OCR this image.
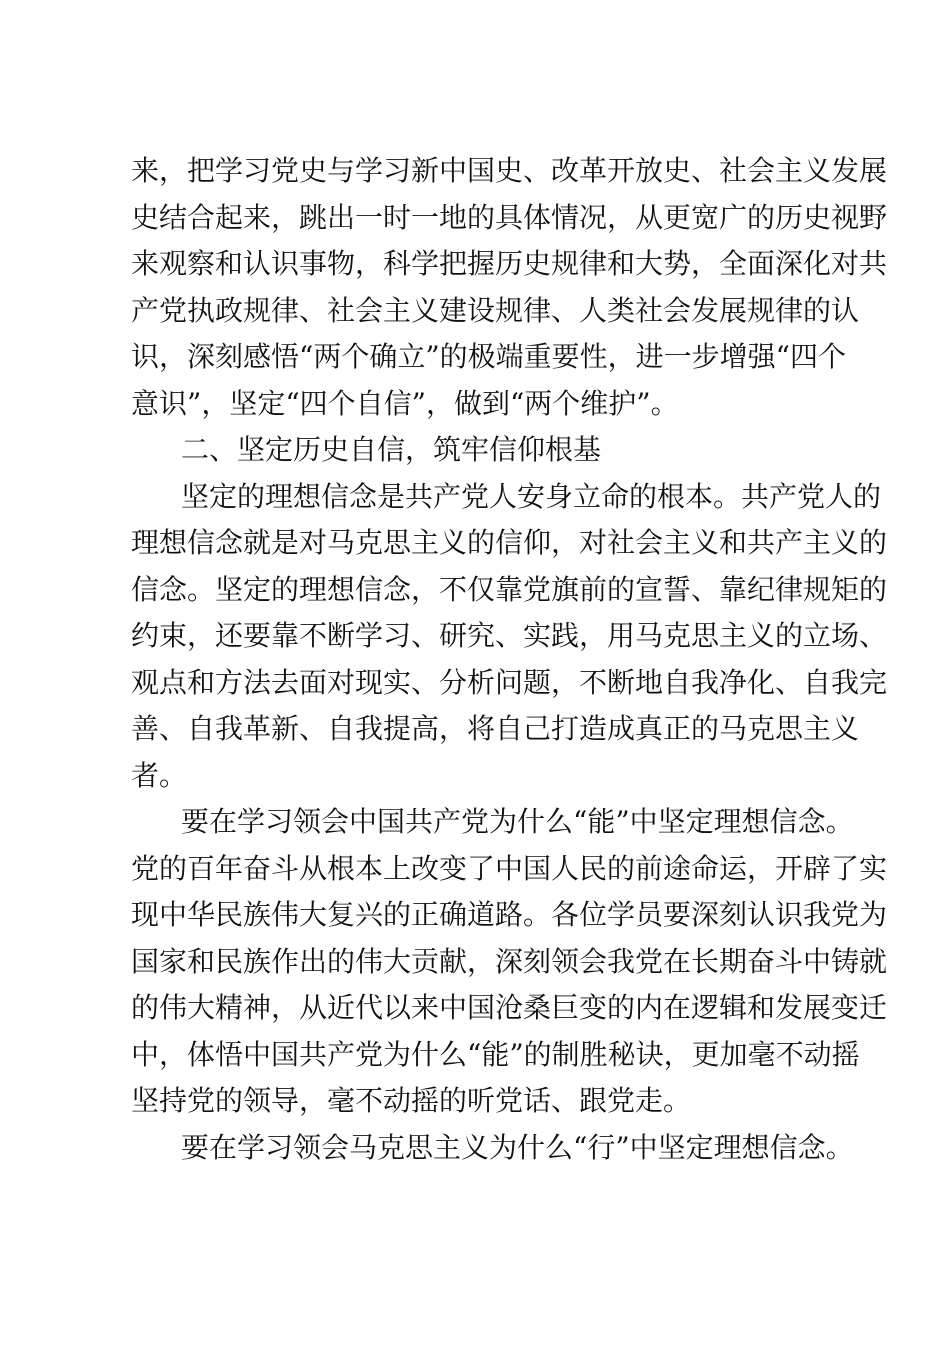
来，把学习党史与学习新中国史、改革开放史、社会主义发展
史结合起来，跳出一时一地的具体情况，从更宽广的历史视野
来观察和认识事物，科学把握历史规律和大势，全面深化对共
产党执政规律、社会主义建设规律、人类社会发展规律的认
识，深刻感悟“两个确立”的极端重要性，进一步增强“四个
意识”，坚定“四个自信”，做到“两个维护”。
二、坚定历史自信，筑牢信仰根基
坚定的理想信念是共产党人安身立命的根本。共产党人的
理想信念就是对马克思主义的信仰，对社会主义和共产主义的
信念。坚定的理想信念，不仅靠党旗前的宣誓、靠纪律规矩的
约束，还要靠不断学习、研究、实践，用马克思主义的立场、
观点和方法去面对现实、分析问题，不断地自我净化、自我完
善、自我革新、自我提高，将自己打造成真正的马克思主义
者。
要在学习领会中国共产党为什么“能”中坚定理想信念。
党的百年奋斗从根本上改变了中国人民的前途命运，开辟了实
现中华民族伟大复兴的正确道路。各位学员要深刻认识我党为
国家和民族作出的伟大贡献，深刻领会我党在长期奋斗中铸就
的伟大精神，从近代以来中国沧桑巨变的内在逻辑和发展变迁
中，体悟中国共产党为什么“能”的制胜秘诀，更加毫不动摇
坚持党的领导，毫不动摇的听党话、跟党走。
要在学习领会马克思主义为什么“行”中坚定理想信念。
